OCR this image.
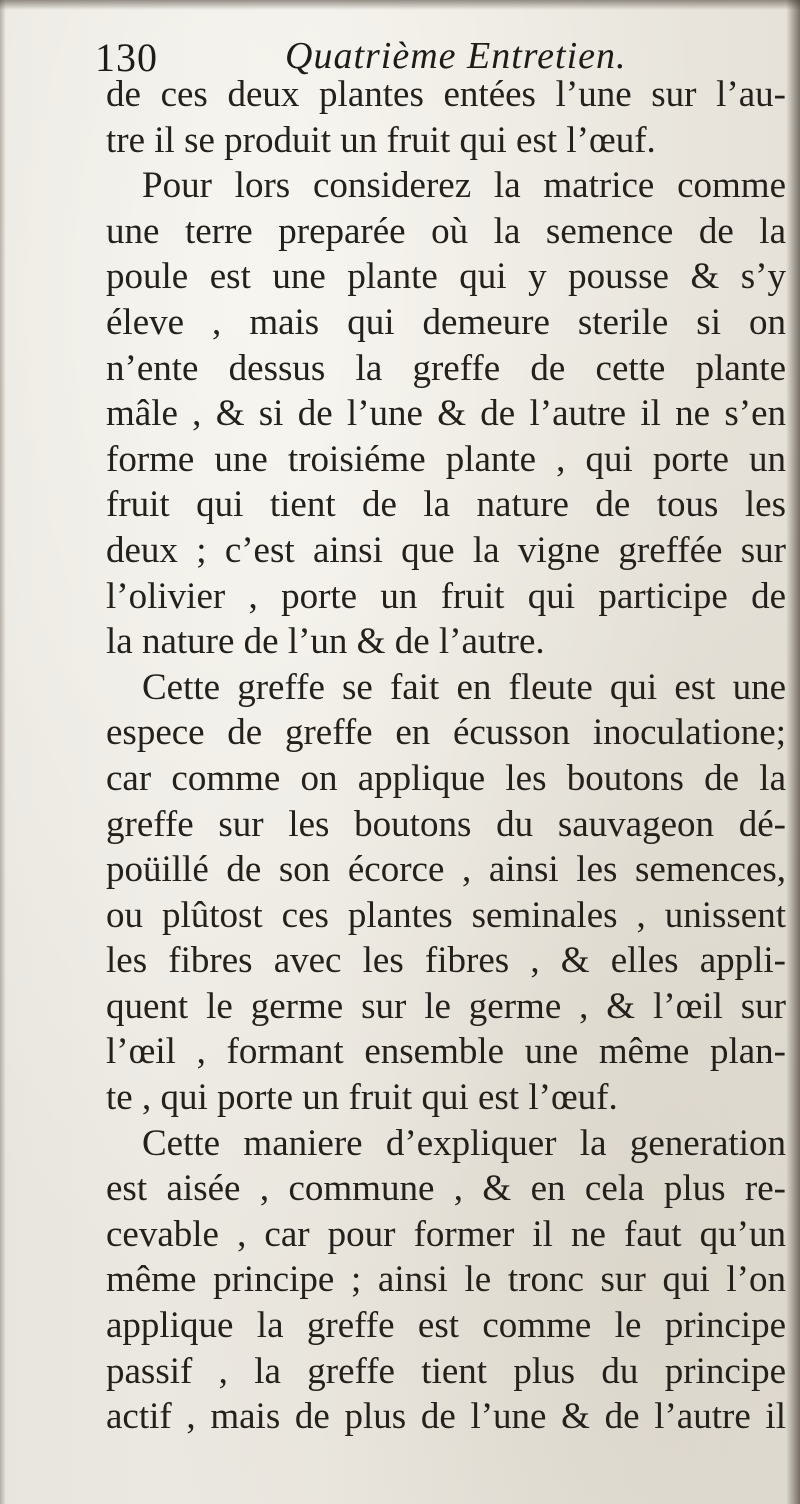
130	Quatrième Entretien.
de ces deux plantes entées l’une sur l’au-
tre il se produit un fruit qui est l’œuf.
Pour lors considerez la matrice comme
une terre preparée où la semence de la
poule est une plante qui y pousse & s’y
éleve , mais qui demeure sterile si on
n’ente dessus la greffe de cette plante
mâle , & si de l’une & de l’autre il ne s’en
forme une troisiéme plante , qui porte un
fruit qui tient de la nature de tous les
deux ; c’est ainsi que la vigne greffée sur
l’olivier , porte un fruit qui participe de
la nature de l’un & de l’autre.
Cette greffe se fait en fleute qui est une
espece de greffe en écusson inoculatione;
car comme on applique les boutons de la
greffe sur les boutons du sauvageon dé-
poüillé de son écorce , ainsi les semences,
ou plûtost ces plantes seminales , unissent
les fibres avec les fibres , & elles appli-
quent le germe sur le germe , & l’œil sur
l’œil , formant ensemble une même plan-
te , qui porte un fruit qui est l’œuf.
Cette maniere d’expliquer la generation
est aisée , commune , & en cela plus re-
cevable , car pour former il ne faut qu’un
même principe ; ainsi le tronc sur qui l’on
applique la greffe est comme le principe
passif , la greffe tient plus du principe
actif , mais de plus de l’une & de l’autre il
